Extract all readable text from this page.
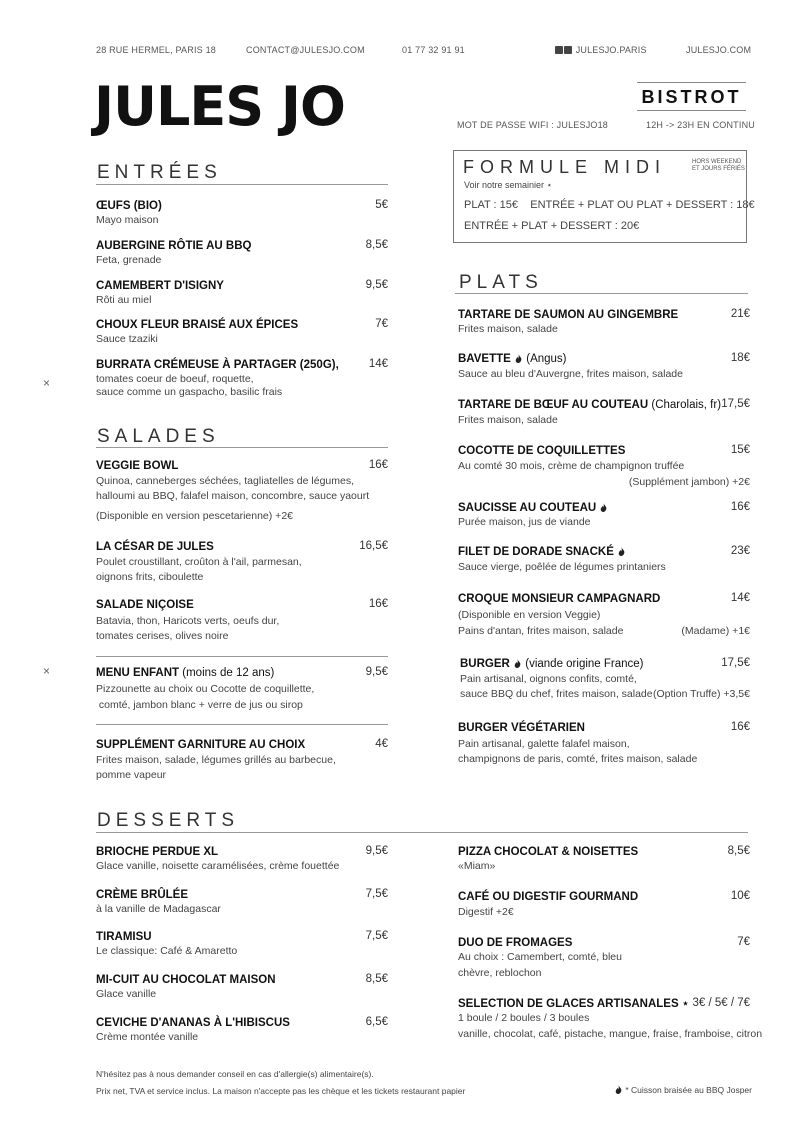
28 RUE HERMEL, PARIS 18	CONTACT@JULESJO.COM	01 77 32 91 91	JULESJO.PARIS	JULESJO.COM
JULES JO	BISTROT
MOT DE PASSE WIFI : JULESJO18	12H -> 23H EN CONTINU
ENTRÉES
ŒUFS (BIO)	5€
Mayo maison
AUBERGINE RÔTIE AU BBQ	8,5€
Feta, grenade
CAMEMBERT D'ISIGNY	9,5€
Rôti au miel
CHOUX FLEUR BRAISÉ AUX ÉPICES	7€
Sauce tzaziki
BURRATA CRÉMEUSE À PARTAGER (250G),	14€
tomates coeur de boeuf, roquette,
sauce comme un gaspacho, basilic frais
×
SALADES
VEGGIE BOWL	16€
Quinoa, canneberges séchées, tagliatelles de légumes,
halloumi au BBQ, falafel maison, concombre, sauce yaourt
(Disponible en version pescetarienne) +2€
LA CÉSAR DE JULES	16,5€
Poulet croustillant, croûton à l'ail, parmesan,
oignons frits, ciboulette
SALADE NIÇOISE	16€
Batavia, thon, Haricots verts, oeufs dur,
tomates cerises, olives noire
×	MENU ENFANT (moins de 12 ans)	9,5€
Pizzounette au choix ou Cocotte de coquillette,
comté, jambon blanc + verre de jus ou sirop
SUPPLÉMENT GARNITURE AU CHOIX	4€
Frites maison, salade, légumes grillés au barbecue,
pomme vapeur
FORMULE MIDI	HORS WEEKEND
ET JOURS FÉRIÉS
Voir notre semainier ⋆
PLAT : 15€    ENTRÉE + PLAT OU PLAT + DESSERT : 18€
ENTRÉE + PLAT + DESSERT : 20€
PLATS
TARTARE DE SAUMON AU GINGEMBRE	21€
Frites maison, salade
BAVETTE (Angus)	18€
Sauce au bleu d'Auvergne, frites maison, salade
TARTARE DE BŒUF AU COUTEAU (Charolais, fr) 17,5€
Frites maison, salade
COCOTTE DE COQUILLETTES	15€
Au comté 30 mois, crème de champignon truffée
(Supplément jambon) +2€
SAUCISSE AU COUTEAU	16€
Purée maison, jus de viande
FILET DE DORADE SNACKÉ	23€
Sauce vierge, poêlée de légumes printaniers
CROQUE MONSIEUR CAMPAGNARD	14€
(Disponible en version Veggie)
Pains d'antan, frites maison, salade	(Madame) +1€
BURGER (viande origine France)	17,5€
Pain artisanal, oignons confits, comté,
sauce BBQ du chef, frites maison, salade (Option Truffe) +3,5€
BURGER VÉGÉTARIEN	16€
Pain artisanal, galette falafel maison,
champignons de paris, comté, frites maison, salade
DESSERTS
BRIOCHE PERDUE XL	9,5€
Glace vanille, noisette caramélisées, crème fouettée
CRÈME BRÛLÉE	7,5€
à la vanille de Madagascar
TIRAMISU	7,5€
Le classique: Café & Amaretto
MI-CUIT AU CHOCOLAT MAISON	8,5€
Glace vanille
CEVICHE D'ANANAS À L'HIBISCUS	6,5€
Crème montée vanille
PIZZA CHOCOLAT & NOISETTES	8,5€
«Miam»
CAFÉ OU DIGESTIF GOURMAND	10€
Digestif +2€
DUO DE FROMAGES	7€
Au choix : Camembert, comté, bleu
chèvre, reblochon
SELECTION DE GLACES ARTISANALES ⋆ 3€ / 5€ / 7€
1 boule / 2 boules / 3 boules
vanille, chocolat, café, pistache, mangue, fraise, framboise, citron
N'hésitez pas à nous demander conseil en cas d'allergie(s) alimentaire(s).
Prix net, TVA et service inclus. La maison n'accepte pas les chèque et les tickets restaurant papier	* Cuisson braisée au BBQ Josper
